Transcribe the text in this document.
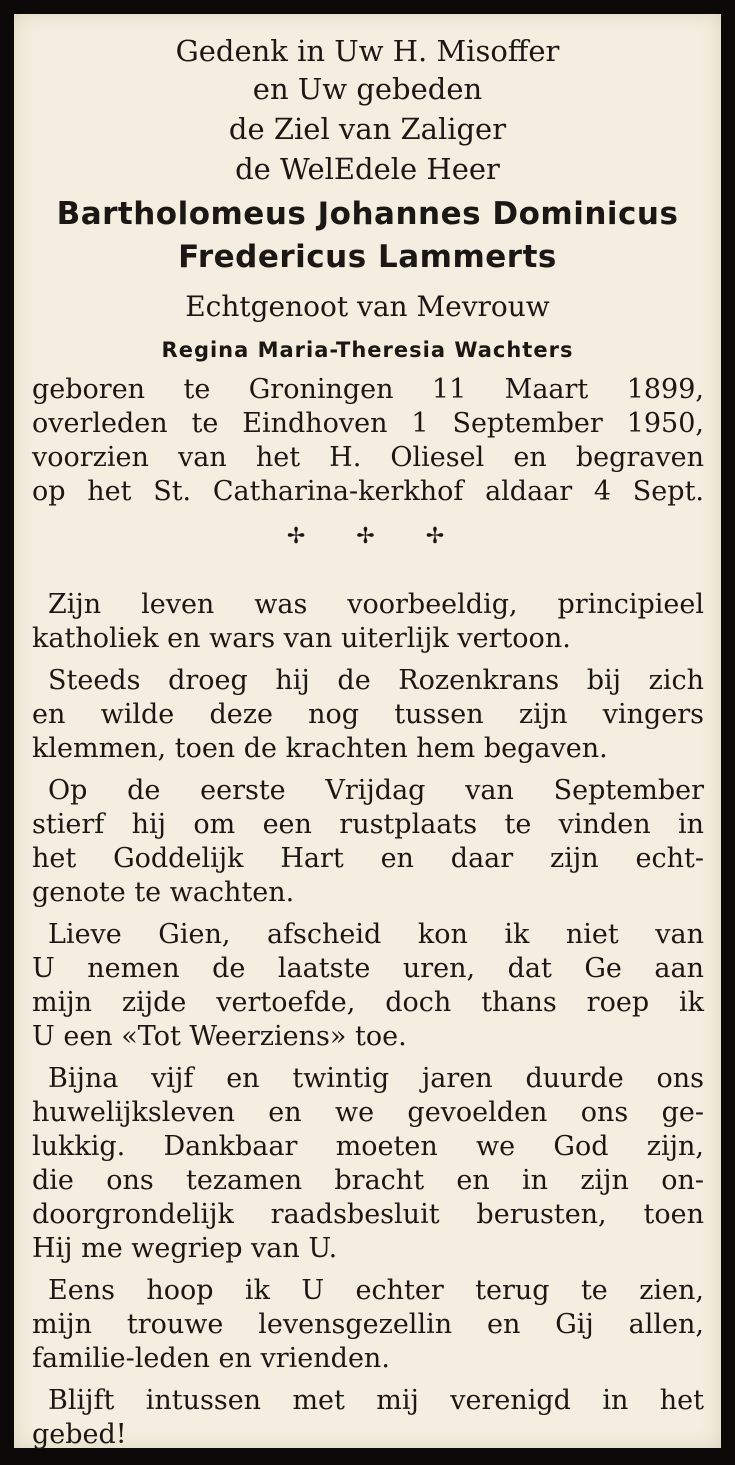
Gedenk in Uw H. Misoffer
en Uw gebeden
de Ziel van Zaliger
de WelEdele Heer
Bartholomeus Johannes Dominicus
Fredericus Lammerts
Echtgenoot van Mevrouw
Regina Maria-Theresia Wachters
geboren te Groningen 11 Maart 1899,
overleden te Eindhoven 1 September 1950,
voorzien van het H. Oliesel en begraven
op het St. Catharina-kerkhof aldaar 4 Sept.
✢ ✢ ✢
Zijn leven was voorbeeldig, principieel
katholiek en wars van uiterlijk vertoon.
Steeds droeg hij de Rozenkrans bij zich
en wilde deze nog tussen zijn vingers
klemmen, toen de krachten hem begaven.
Op de eerste Vrijdag van September
stierf hij om een rustplaats te vinden in
het Goddelijk Hart en daar zijn echt-
genote te wachten.
Lieve Gien, afscheid kon ik niet van
U nemen de laatste uren, dat Ge aan
mijn zijde vertoefde, doch thans roep ik
U een «Tot Weerziens» toe.
Bijna vijf en twintig jaren duurde ons
huwelijksleven en we gevoelden ons ge-
lukkig. Dankbaar moeten we God zijn,
die ons tezamen bracht en in zijn on-
doorgrondelijk raadsbesluit berusten, toen
Hij me wegriep van U.
Eens hoop ik U echter terug te zien,
mijn trouwe levensgezellin en Gij allen,
familie-leden en vrienden.
Blijft intussen met mij verenigd in het
gebed!
